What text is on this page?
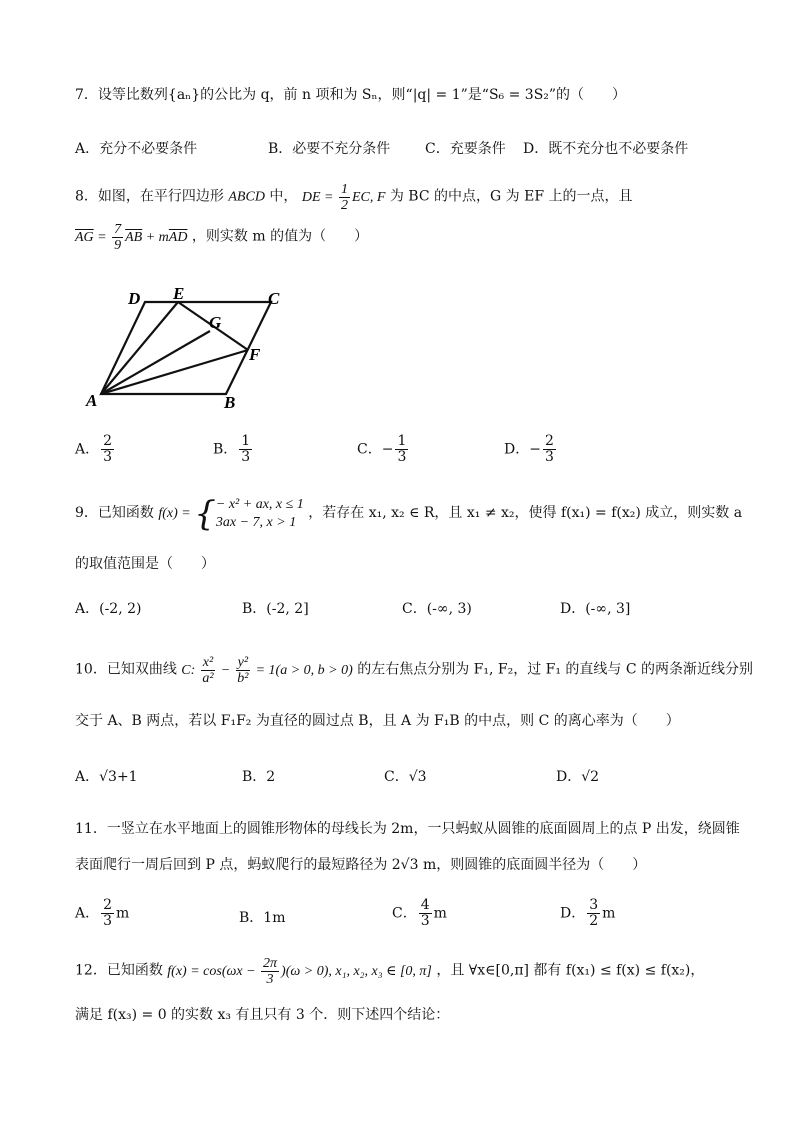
7．设等比数列{aₙ}的公比为 q，前 n 项和为 Sₙ，则“|q| = 1”是“S₆ = 3S₂”的（　　）
A．充分不必要条件	B．必要不充分条件 C．充要条件 D．既不充分也不必要条件
8．如图，在平行四边形 ABCD 中， DE = $\frac{1}{2}$ EC, F 为 BC 的中点，G 为 EF 上的一点，且
$\overline{AG} = \frac{7}{9} \overline{AB} + m\overline{AD}$ ，则实数 m 的值为（　　）
A	B
C
D E
F
G
A． $\frac{2}{3}$	B． $\frac{1}{3}$	C．− $\frac{1}{3}$	D．− $\frac{2}{3}$
9．已知函数 f(x) = { − x² + ax, x ≤ 1
3ax − 7, x > 1
，若存在 x₁, x₂ ∈ R，且 x₁ ≠ x₂，使得 f(x₁) = f(x₂) 成立，则实数 a
的取值范围是（　　）
A．(-2, 2)	B．(-2, 2]	C．(-∞, 3)	D．(-∞, 3]
10．已知双曲线 C: $\frac{\text{x²}}{\text{a²}} - \frac{\text{y²}}{\text{b²}} = 1(a > 0$, b > 0) 的左右焦点分别为 F₁, F₂，过 F₁ 的直线与 C 的两条渐近线分别
交于 A、B 两点，若以 F₁F₂ 为直径的圆过点 B，且 A 为 F₁B 的中点，则 C 的离心率为（　　）
A．√3+1	B．2	C．√3	D．√2
11．一竖立在水平地面上的圆锥形物体的母线长为 2m，一只蚂蚁从圆锥的底面圆周上的点 P 出发，绕圆锥
表面爬行一周后回到 P 点，蚂蚁爬行的最短路径为 2√3 m，则圆锥的底面圆半径为（　　）
A． $\frac{2}{3}$ m	B．1m	C． $\frac{4}{3}$ m	D． $\frac{3}{2}$ m
12．已知函数 $f(x) = \cos(\omega x - \frac{2\pi}{3} )(\omega > 0)$, x₁, x₂, x₃ ∈ [0, π] ，且 ∀x∈[0,π] 都有 f(x₁) ≤ f(x) ≤ f(x₂)，
满足 f(x₃) = 0 的实数 x₃ 有且只有 3 个．则下述四个结论：
